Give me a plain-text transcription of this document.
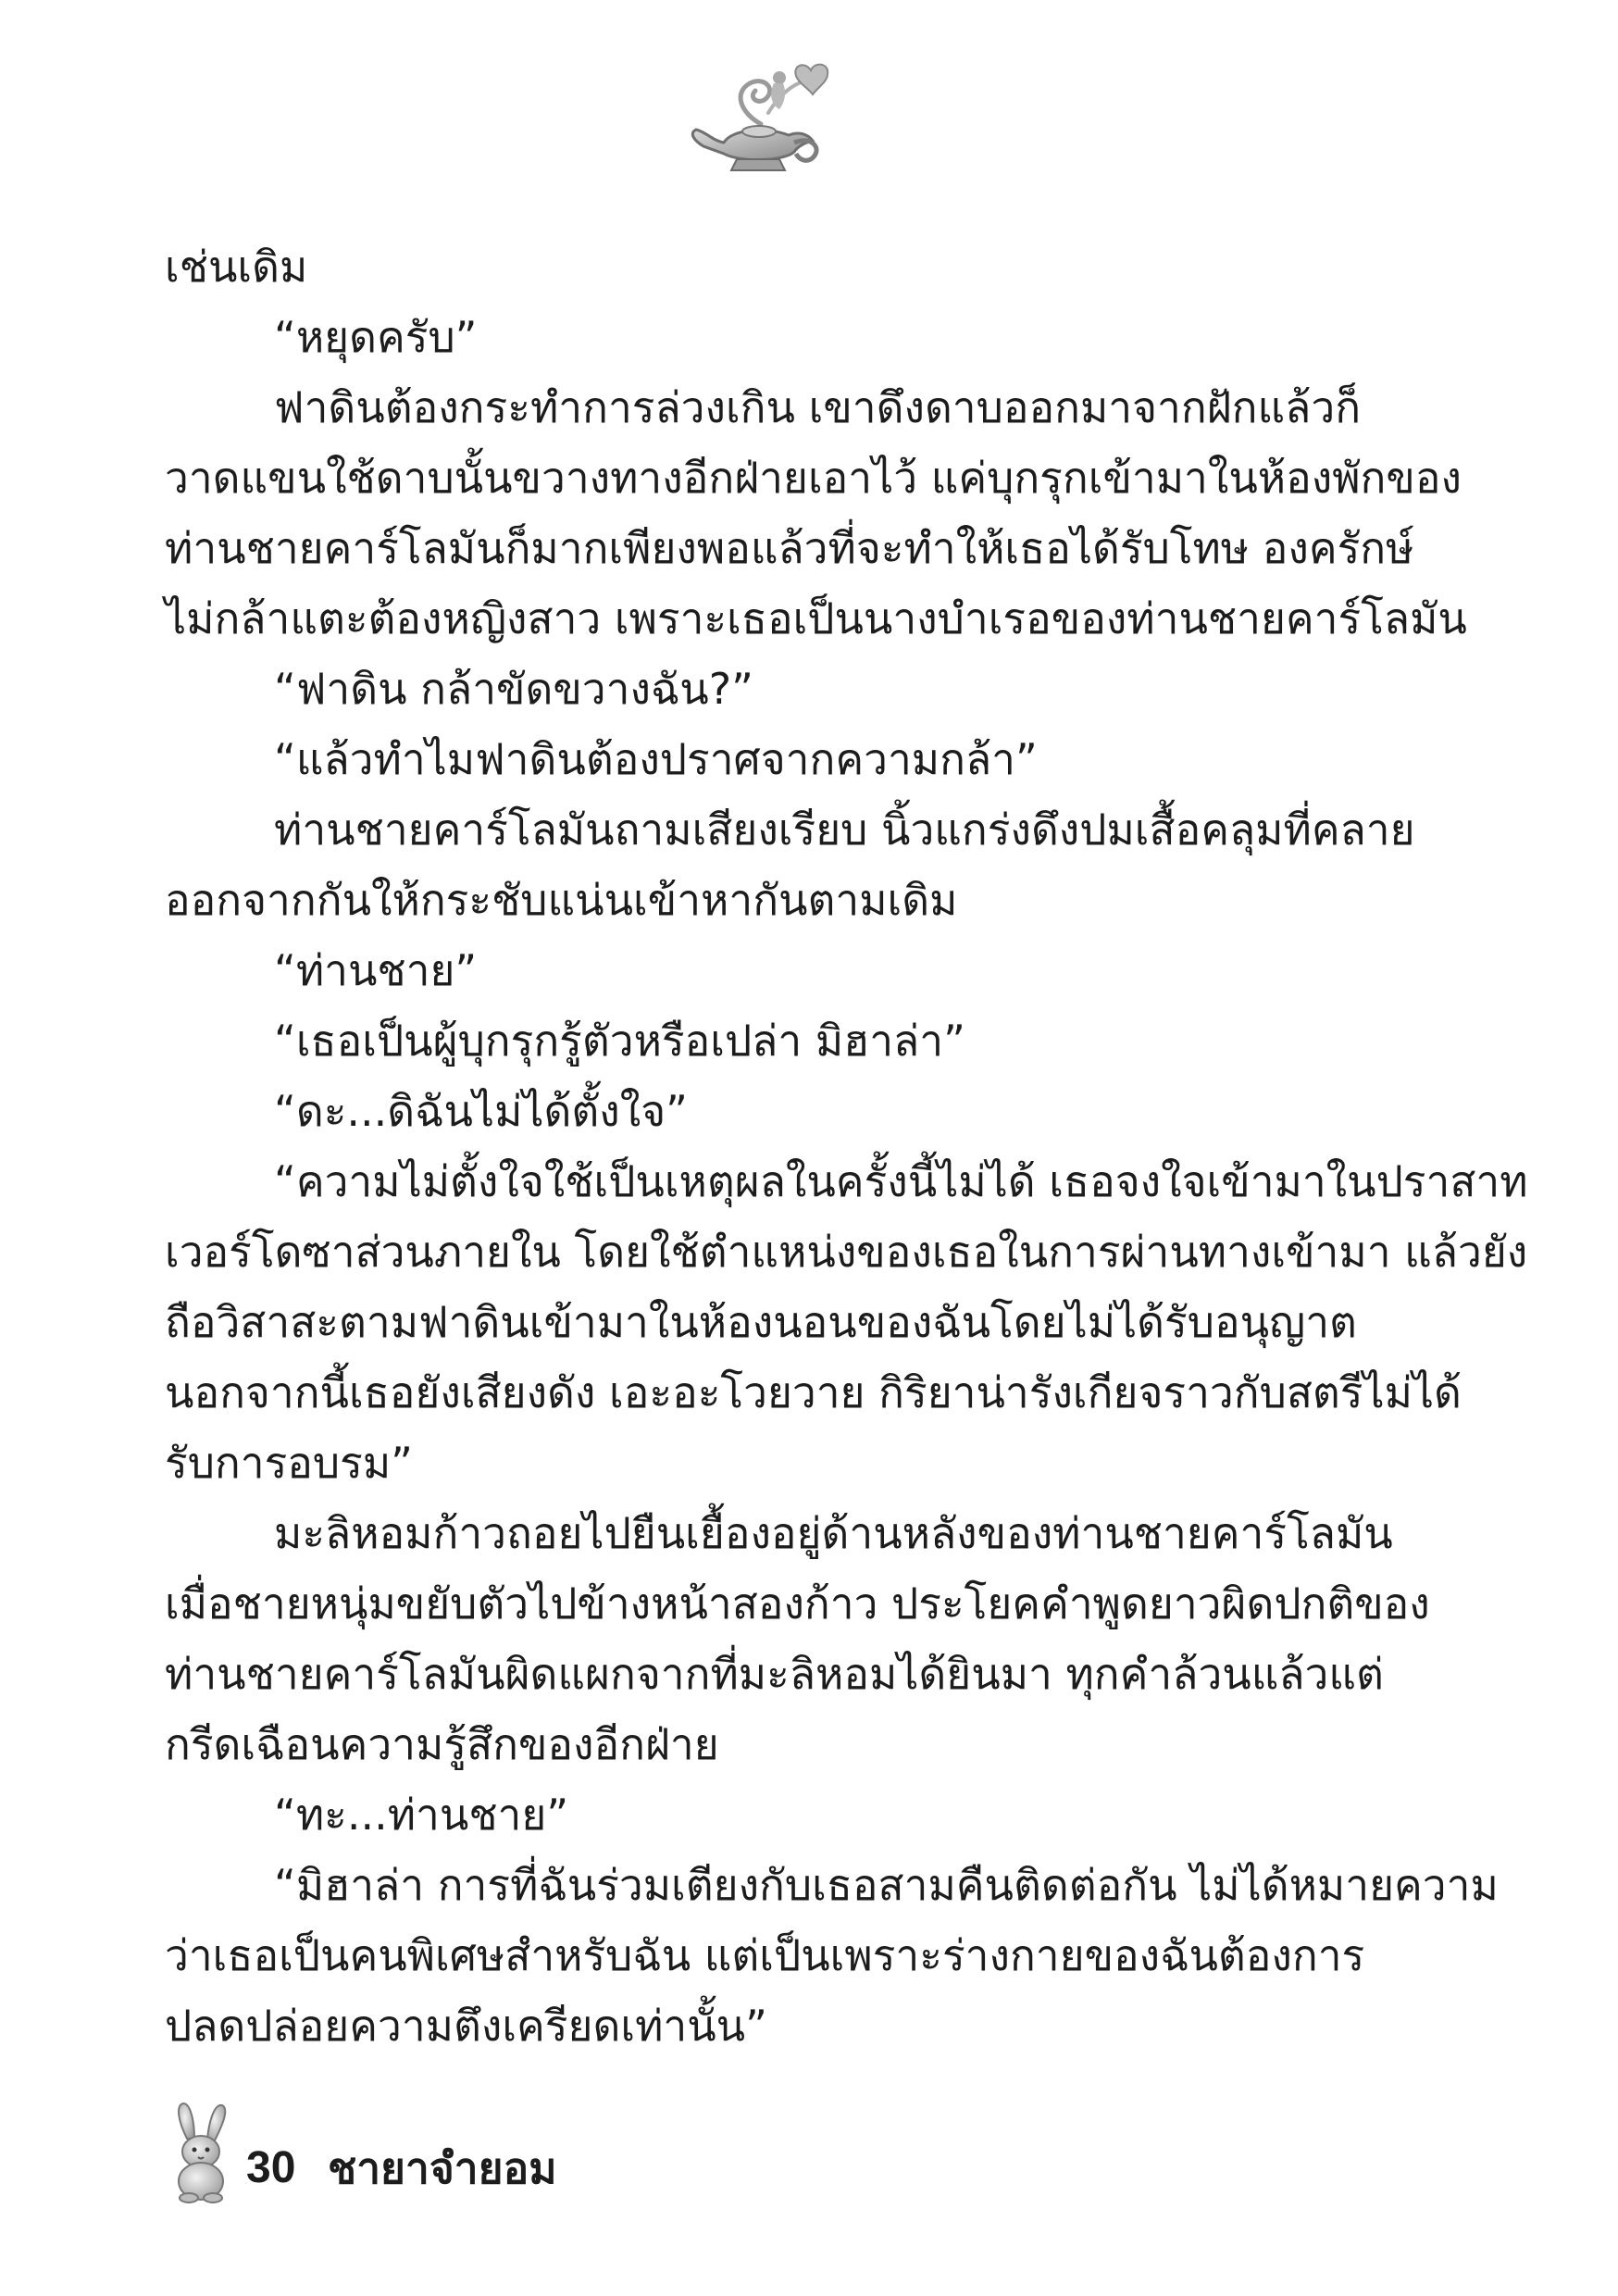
เช่นเดิม
“หยุดครับ”
ฟาดินต้องกระทำการล่วงเกิน เขาดึงดาบออกมาจากฝักแล้วก็
วาดแขนใช้ดาบนั้นขวางทางอีกฝ่ายเอาไว้ แค่บุกรุกเข้ามาในห้องพักของ
ท่านชายคาร์โลมันก็มากเพียงพอแล้วที่จะทำให้เธอได้รับโทษ องครักษ์
ไม่กล้าแตะต้องหญิงสาว เพราะเธอเป็นนางบำเรอของท่านชายคาร์โลมัน
“ฟาดิน กล้าขัดขวางฉัน?”
“แล้วทำไมฟาดินต้องปราศจากความกล้า”
ท่านชายคาร์โลมันถามเสียงเรียบ นิ้วแกร่งดึงปมเสื้อคลุมที่คลาย
ออกจากกันให้กระชับแน่นเข้าหากันตามเดิม
“ท่านชาย”
“เธอเป็นผู้บุกรุกรู้ตัวหรือเปล่า มิฮาล่า”
“ดะ...ดิฉันไม่ได้ตั้งใจ”
“ความไม่ตั้งใจใช้เป็นเหตุผลในครั้งนี้ไม่ได้ เธอจงใจเข้ามาในปราสาท
เวอร์โดซาส่วนภายใน โดยใช้ตำแหน่งของเธอในการผ่านทางเข้ามา แล้วยัง
ถือวิสาสะตามฟาดินเข้ามาในห้องนอนของฉันโดยไม่ได้รับอนุญาต
นอกจากนี้เธอยังเสียงดัง เอะอะโวยวาย กิริยาน่ารังเกียจราวกับสตรีไม่ได้
รับการอบรม”
มะลิหอมก้าวถอยไปยืนเยื้องอยู่ด้านหลังของท่านชายคาร์โลมัน
เมื่อชายหนุ่มขยับตัวไปข้างหน้าสองก้าว ประโยคคำพูดยาวผิดปกติของ
ท่านชายคาร์โลมันผิดแผกจากที่มะลิหอมได้ยินมา ทุกคำล้วนแล้วแต่
กรีดเฉือนความรู้สึกของอีกฝ่าย
“ทะ...ท่านชาย”
“มิฮาล่า การที่ฉันร่วมเตียงกับเธอสามคืนติดต่อกัน ไม่ได้หมายความ
ว่าเธอเป็นคนพิเศษสำหรับฉัน แต่เป็นเพราะร่างกายของฉันต้องการ
ปลดปล่อยความตึงเครียดเท่านั้น”
30 ชายาจำยอม
